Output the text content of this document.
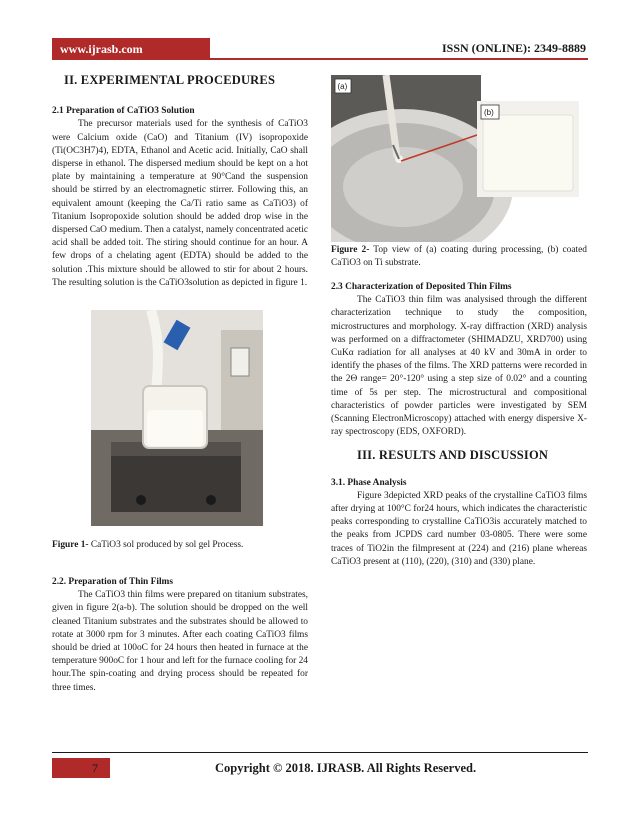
www.ijrasb.com	ISSN (ONLINE): 2349-8889
II. EXPERIMENTAL PROCEDURES
2.1 Preparation of CaTiO3 Solution

The precursor materials used for the synthesis of CaTiO3 were Calcium oxide (CaO) and Titanium (IV) isopropoxide (Ti(OC3H7)4), EDTA, Ethanol and Acetic acid. Initially, CaO shall disperse in ethanol. The dispersed medium should be kept on a hot plate by maintaining a temperature at 90°Cand the suspension should be stirred by an electromagnetic stirrer. Following this, an equivalent amount (keeping the Ca/Ti ratio same as CaTiO3) of Titanium Isopropoxide solution should be added drop wise in the dispersed CaO medium. Then a catalyst, namely concentrated acetic acid shall be added toit. The stiring should continue for an hour. A few drops of a chelating agent (EDTA) should be added to the solution .This mixture should be allowed to stir for about 2 hours. The resulting solution is the CaTiO3solution as depicted in figure 1.

Figure 1- CaTiO3 sol produced by sol gel Process.
2.2. Preparation of Thin Films

The CaTiO3 thin films were prepared on titanium substrates, given in figure 2(a-b). The solution should be dropped on the well cleaned Titanium substrates and the substrates should be allowed to rotate at 3000 rpm for 3 minutes. After each coating CaTiO3 films should be dried at 100oC for 24 hours then heated in furnace at the temperature 900oC for 1 hour and left for the furnace cooling for 24 hour.The spin-coating and drying process should be repeated for three times.

(a)
(b)
Figure 2- Top view of (a) coating during processing, (b) coated CaTiO3 on Ti substrate.
2.3 Characterization of Deposited Thin Films

The CaTiO3 thin film was analysised through the different characterization technique to study the composition, microstructures and morphology. X-ray diffraction (XRD) analysis was performed on a diffractometer (SHIMADZU, XRD700) using CuKα radiation for all analyses at 40 kV and 30mA in order to identify the phases of the films. The XRD patterns were recorded in the 2Θ range= 20°-120° using a step size of 0.02° and a counting time of 5s per step. The microstructural and compositional characteristics of powder particles were investigated by SEM (Scanning ElectronMicroscopy) attached with energy dispersive X-ray spectroscopy (EDS, OXFORD).

III. RESULTS AND DISCUSSION
3.1. Phase Analysis

Figure 3depicted XRD peaks of the crystalline CaTiO3 films after drying at 100°C for24 hours, which indicates the characteristic peaks corresponding to crystalline CaTiO3is accurately matched to the peaks from JCPDS card number 03-0805. There were some traces of TiO2in the filmpresent at (224) and (216) plane whereas CaTiO3 present at (110), (220), (310) and (330) plane.

7	Copyright © 2018. IJRASB. All Rights Reserved.
